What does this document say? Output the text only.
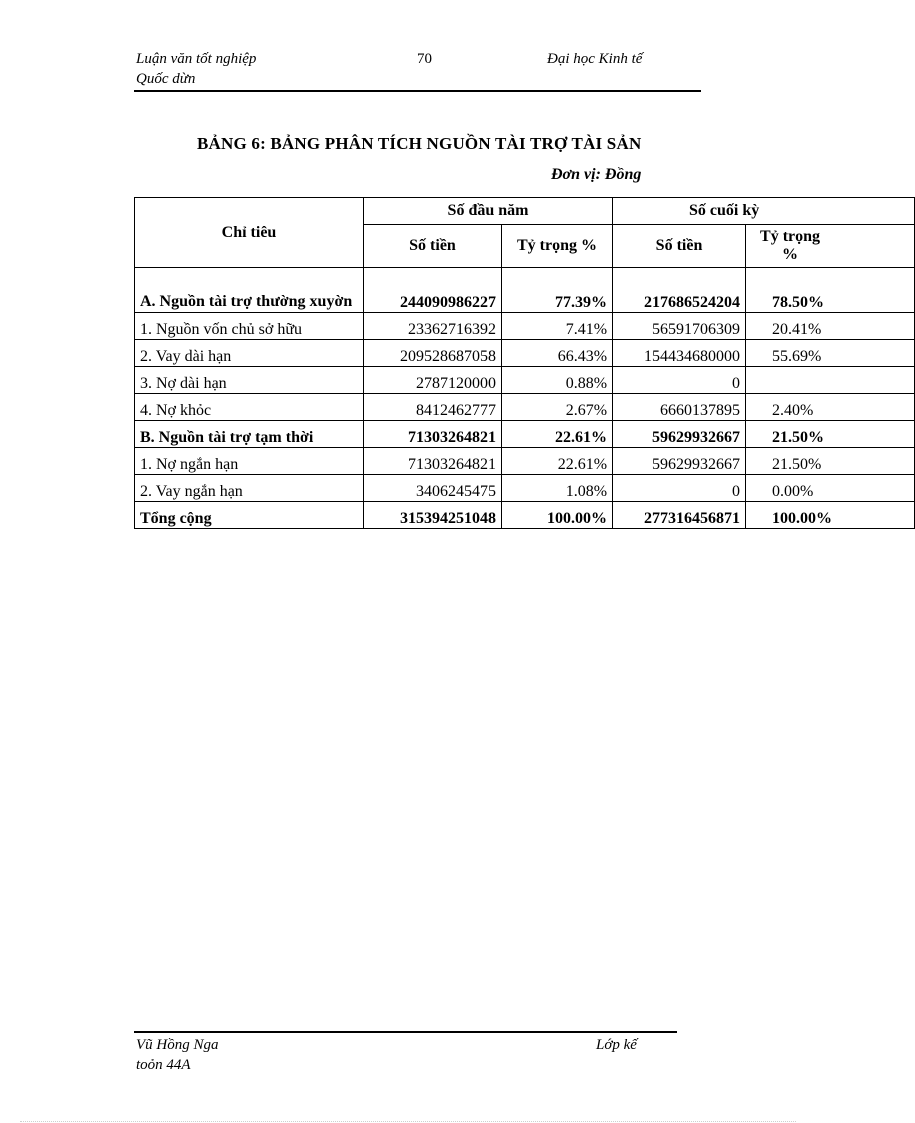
Luận văn tốt nghiệp
Quốc dừn
70	Đại học Kinh tế
BẢNG 6: BẢNG PHÂN TÍCH NGUỒN TÀI TRỢ TÀI SẢN
Đơn vị: Đồng
Chỉ tiêu	Số đầu năm		Số cuối kỳ	
	Số tiền	Tỷ trọng %	Số tiền	Tỷ trọng %
A. Nguồn tài trợ thường xuyờn	244090986227	77.39%	217686524204	78.50%
1. Nguồn vốn chủ sở hữu	23362716392	7.41%	56591706309	20.41%
2. Vay dài hạn	209528687058	66.43%	154434680000	55.69%
3. Nợ dài hạn	2787120000	0.88%	0	
4. Nợ khỏc	8412462777	2.67%	6660137895	2.40%
B. Nguồn tài trợ tạm thời	71303264821	22.61%	59629932667	21.50%
1. Nợ ngắn hạn	71303264821	22.61%	59629932667	21.50%
2. Vay ngắn hạn	3406245475	1.08%	0	0.00%
Tổng cộng	315394251048	100.00%	277316456871	100.00%
Vũ Hồng Nga
toỏn 44A
Lớp kế
